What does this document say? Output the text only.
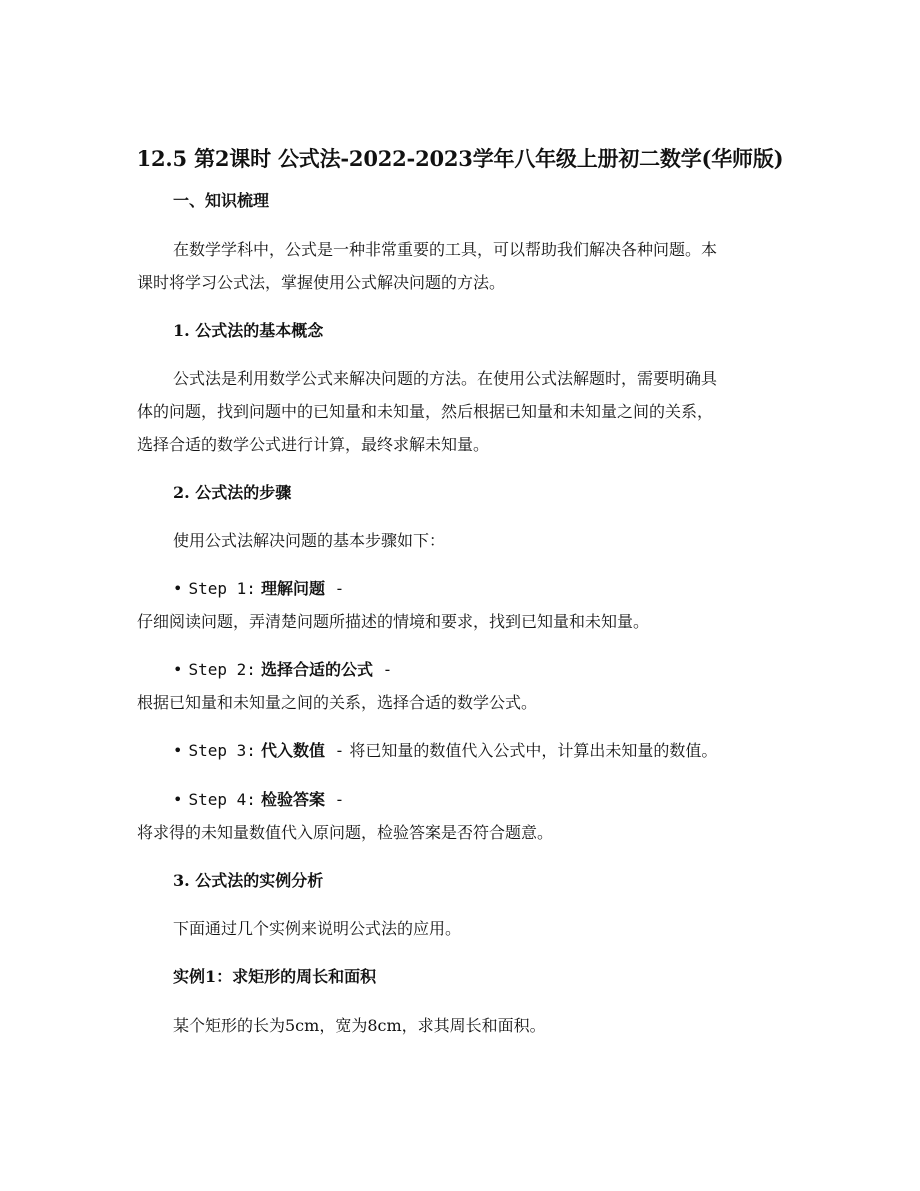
12.5 第2课时 公式法-2022-2023学年八年级上册初二数学(华师版)
一、知识梳理
在数学学科中，公式是一种非常重要的工具，可以帮助我们解决各种问题。本
课时将学习公式法，掌握使用公式解决问题的方法。
1. 公式法的基本概念
公式法是利用数学公式来解决问题的方法。在使用公式法解题时，需要明确具
体的问题，找到问题中的已知量和未知量，然后根据已知量和未知量之间的关系，
选择合适的数学公式进行计算，最终求解未知量。
2. 公式法的步骤
使用公式法解决问题的基本步骤如下：
• Step 1: 理解问题 -
仔细阅读问题，弄清楚问题所描述的情境和要求，找到已知量和未知量。
• Step 2: 选择合适的公式 -
根据已知量和未知量之间的关系，选择合适的数学公式。
• Step 3: 代入数值 - 将已知量的数值代入公式中，计算出未知量的数值。
• Step 4: 检验答案 -
将求得的未知量数值代入原问题，检验答案是否符合题意。
3. 公式法的实例分析
下面通过几个实例来说明公式法的应用。
实例1：求矩形的周长和面积
某个矩形的长为5cm，宽为8cm，求其周长和面积。
